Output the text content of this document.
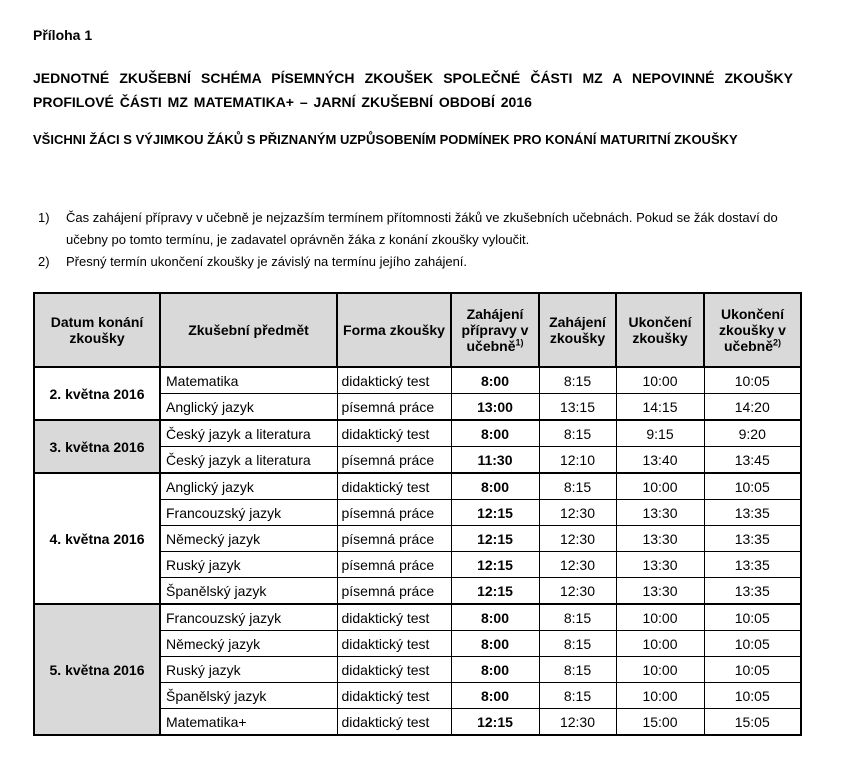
Příloha 1
JEDNOTNÉ ZKUŠEBNÍ SCHÉMA PÍSEMNÝCH ZKOUŠEK SPOLEČNÉ ČÁSTI MZ A NEPOVINNÉ ZKOUŠKY PROFILOVÉ ČÁSTI MZ MATEMATIKA+ – JARNÍ ZKUŠEBNÍ OBDOBÍ 2016
VŠICHNI ŽÁCI S VÝJIMKOU ŽÁKŮ S PŘIZNANÝM UZPŮSOBENÍM PODMÍNEK PRO KONÁNÍ MATURITNÍ ZKOUŠKY
1) Čas zahájení přípravy v učebně je nejzazším termínem přítomnosti žáků ve zkušebních učebnách. Pokud se žák dostaví do učebny po tomto termínu, je zadavatel oprávněn žáka z konání zkoušky vyloučit.
2) Přesný termín ukončení zkoušky je závislý na termínu jejího zahájení.
Datum konání zkoušky	Zkušební předmět	Forma zkoušky	Zahájení přípravy v učebně$^{1)}$	Zahájení zkoušky	Ukončení zkoušky	Ukončení zkoušky v učebně$^{2)}$
2. května 2016	Matematika	didaktický test	8:00	8:15	10:00	10:05
	Anglický jazyk	písemná práce	13:00	13:15	14:15	14:20
3. května 2016	Český jazyk a literatura	didaktický test	8:00	8:15	9:15	9:20
	Český jazyk a literatura	písemná práce	11:30	12:10	13:40	13:45
4. května 2016	Anglický jazyk	didaktický test	8:00	8:15	10:00	10:05
	Francouzský jazyk	písemná práce	12:15	12:30	13:30	13:35
	Německý jazyk	písemná práce	12:15	12:30	13:30	13:35
	Ruský jazyk	písemná práce	12:15	12:30	13:30	13:35
	Španělský jazyk	písemná práce	12:15	12:30	13:30	13:35
5. května 2016	Francouzský jazyk	didaktický test	8:00	8:15	10:00	10:05
	Německý jazyk	didaktický test	8:00	8:15	10:00	10:05
	Ruský jazyk	didaktický test	8:00	8:15	10:00	10:05
	Španělský jazyk	didaktický test	8:00	8:15	10:00	10:05
	Matematika+	didaktický test	12:15	12:30	15:00	15:05
